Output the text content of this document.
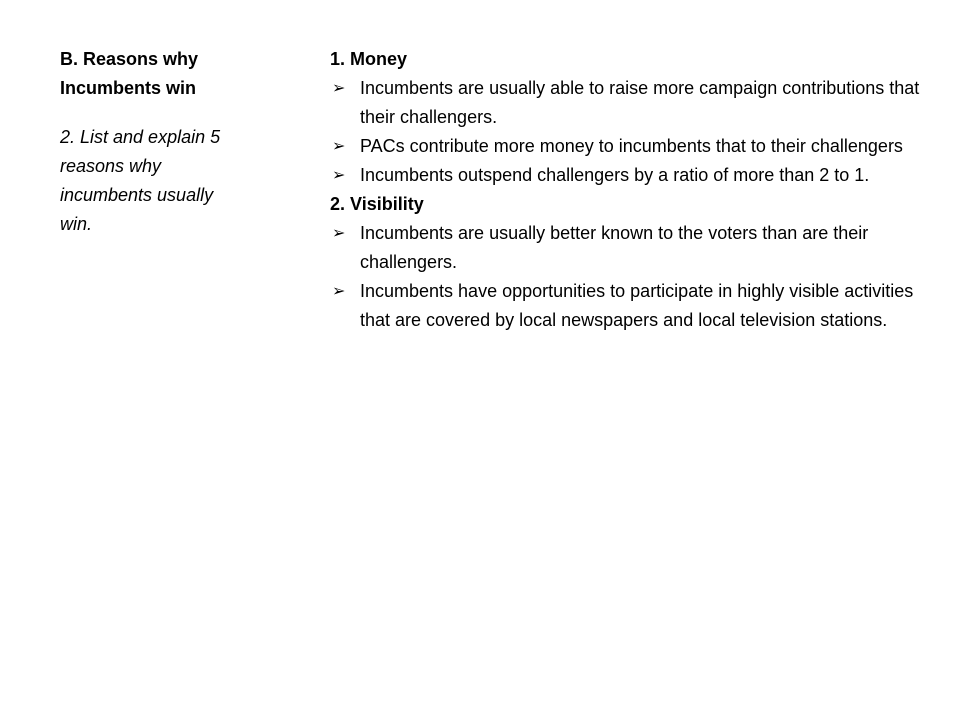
B. Reasons why
Incumbents win

2. List and explain 5
reasons why
incumbents usually
win.

1. Money

➢ Incumbents are usually able to raise more campaign contributions that their challengers.
➢ PACs contribute more money to incumbents that to their challengers
➢ Incumbents outspend challengers by a ratio of more than 2 to 1.

2. Visibility

➢ Incumbents are usually better known to the voters than are their challengers.
➢ Incumbents have opportunities to participate in highly visible activities that are covered by local newspapers and local television stations.
